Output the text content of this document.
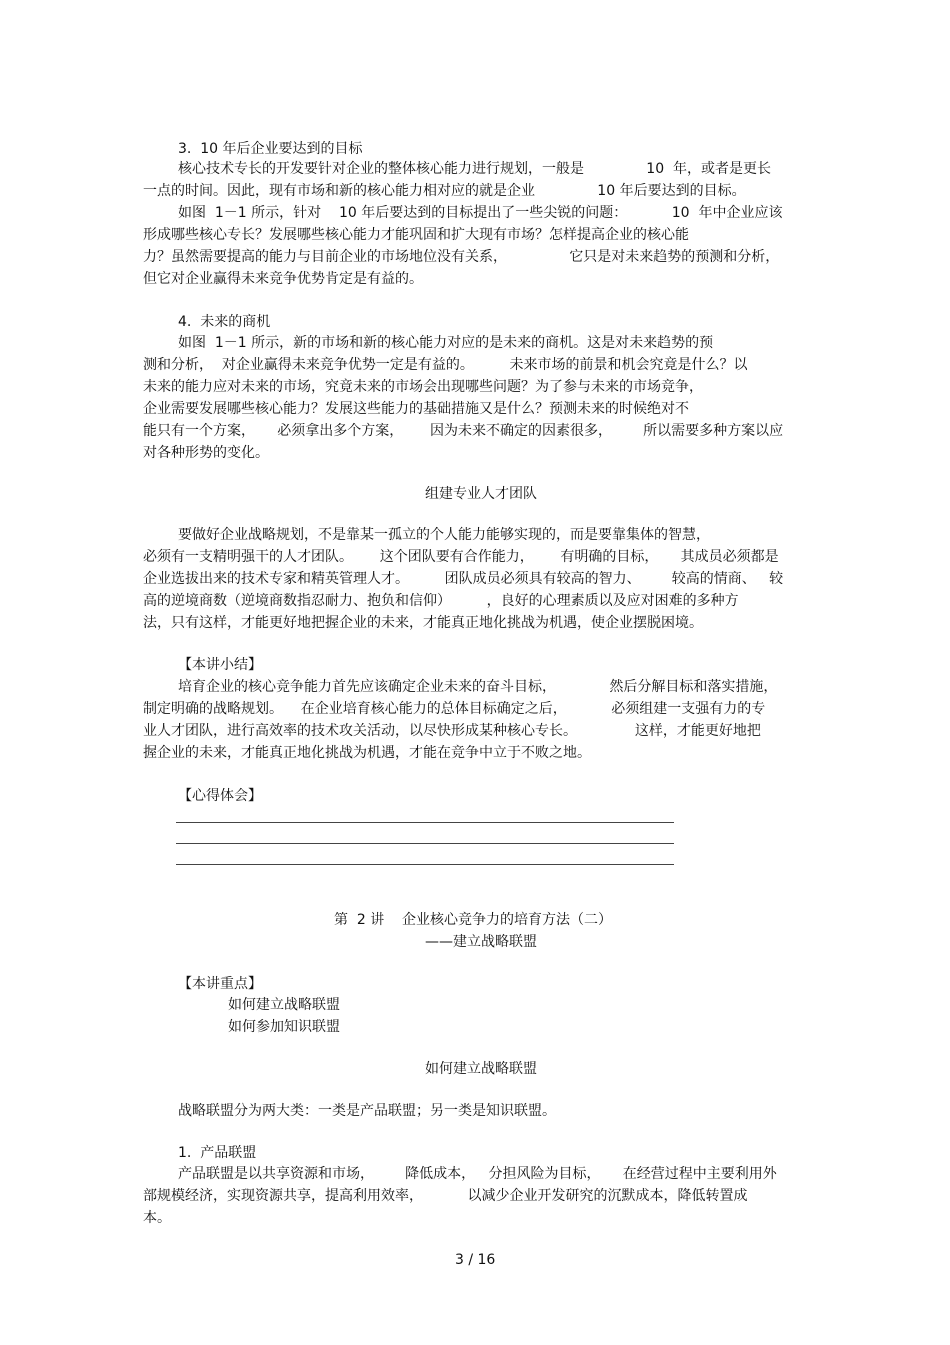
3.  10 年后企业要达到的目标
核心技术专长的开发要针对企业的整体核心能力进行规划，一般是              10  年，或者是更长
一点的时间。因此，现有市场和新的核心能力相对应的就是企业              10 年后要达到的目标。
如图  1－1 所示，针对    10 年后要达到的目标提出了一些尖锐的问题：          10  年中企业应该
形成哪些核心专长？发展哪些核心能力才能巩固和扩大现有市场？怎样提高企业的核心能
力？虽然需要提高的能力与目前企业的市场地位没有关系，              它只是对未来趋势的预测和分析，
但它对企业赢得未来竞争优势肯定是有益的。
4.  未来的商机
如图  1－1 所示，新的市场和新的核心能力对应的是未来的商机。这是对未来趋势的预
测和分析，  对企业赢得未来竞争优势一定是有益的。        未来市场的前景和机会究竟是什么？以
未来的能力应对未来的市场，究竟未来的市场会出现哪些问题？为了参与未来的市场竞争，
企业需要发展哪些核心能力？发展这些能力的基础措施又是什么？预测未来的时候绝对不
能只有一个方案，     必须拿出多个方案，      因为未来不确定的因素很多，       所以需要多种方案以应
对各种形势的变化。
组建专业人才团队
要做好企业战略规划，不是靠某一孤立的个人能力能够实现的，而是要靠集体的智慧，
必须有一支精明强干的人才团队。      这个团队要有合作能力，      有明确的目标，     其成员必须都是
企业选拔出来的技术专家和精英管理人才。        团队成员必须具有较高的智力、       较高的情商、   较
高的逆境商数（逆境商数指忍耐力、抱负和信仰）        ，良好的心理素质以及应对困难的多种方
法，只有这样，才能更好地把握企业的未来，才能真正地化挑战为机遇，使企业摆脱困境。
【本讲小结】
培育企业的核心竞争能力首先应该确定企业未来的奋斗目标，            然后分解目标和落实措施，
制定明确的战略规划。    在企业培育核心能力的总体目标确定之后，          必须组建一支强有力的专
业人才团队，进行高效率的技术攻关活动，以尽快形成某种核心专长。             这样，才能更好地把
握企业的未来，才能真正地化挑战为机遇，才能在竞争中立于不败之地。
【心得体会】
第  2 讲    企业核心竞争力的培育方法（二）
——建立战略联盟
【本讲重点】
如何建立战略联盟
如何参加知识联盟
如何建立战略联盟
战略联盟分为两大类：一类是产品联盟；另一类是知识联盟。
1.  产品联盟
产品联盟是以共享资源和市场，       降低成本，   分担风险为目标，     在经营过程中主要利用外
部规模经济，实现资源共享，提高利用效率，          以减少企业开发研究的沉默成本，降低转置成
本。
3 / 16
